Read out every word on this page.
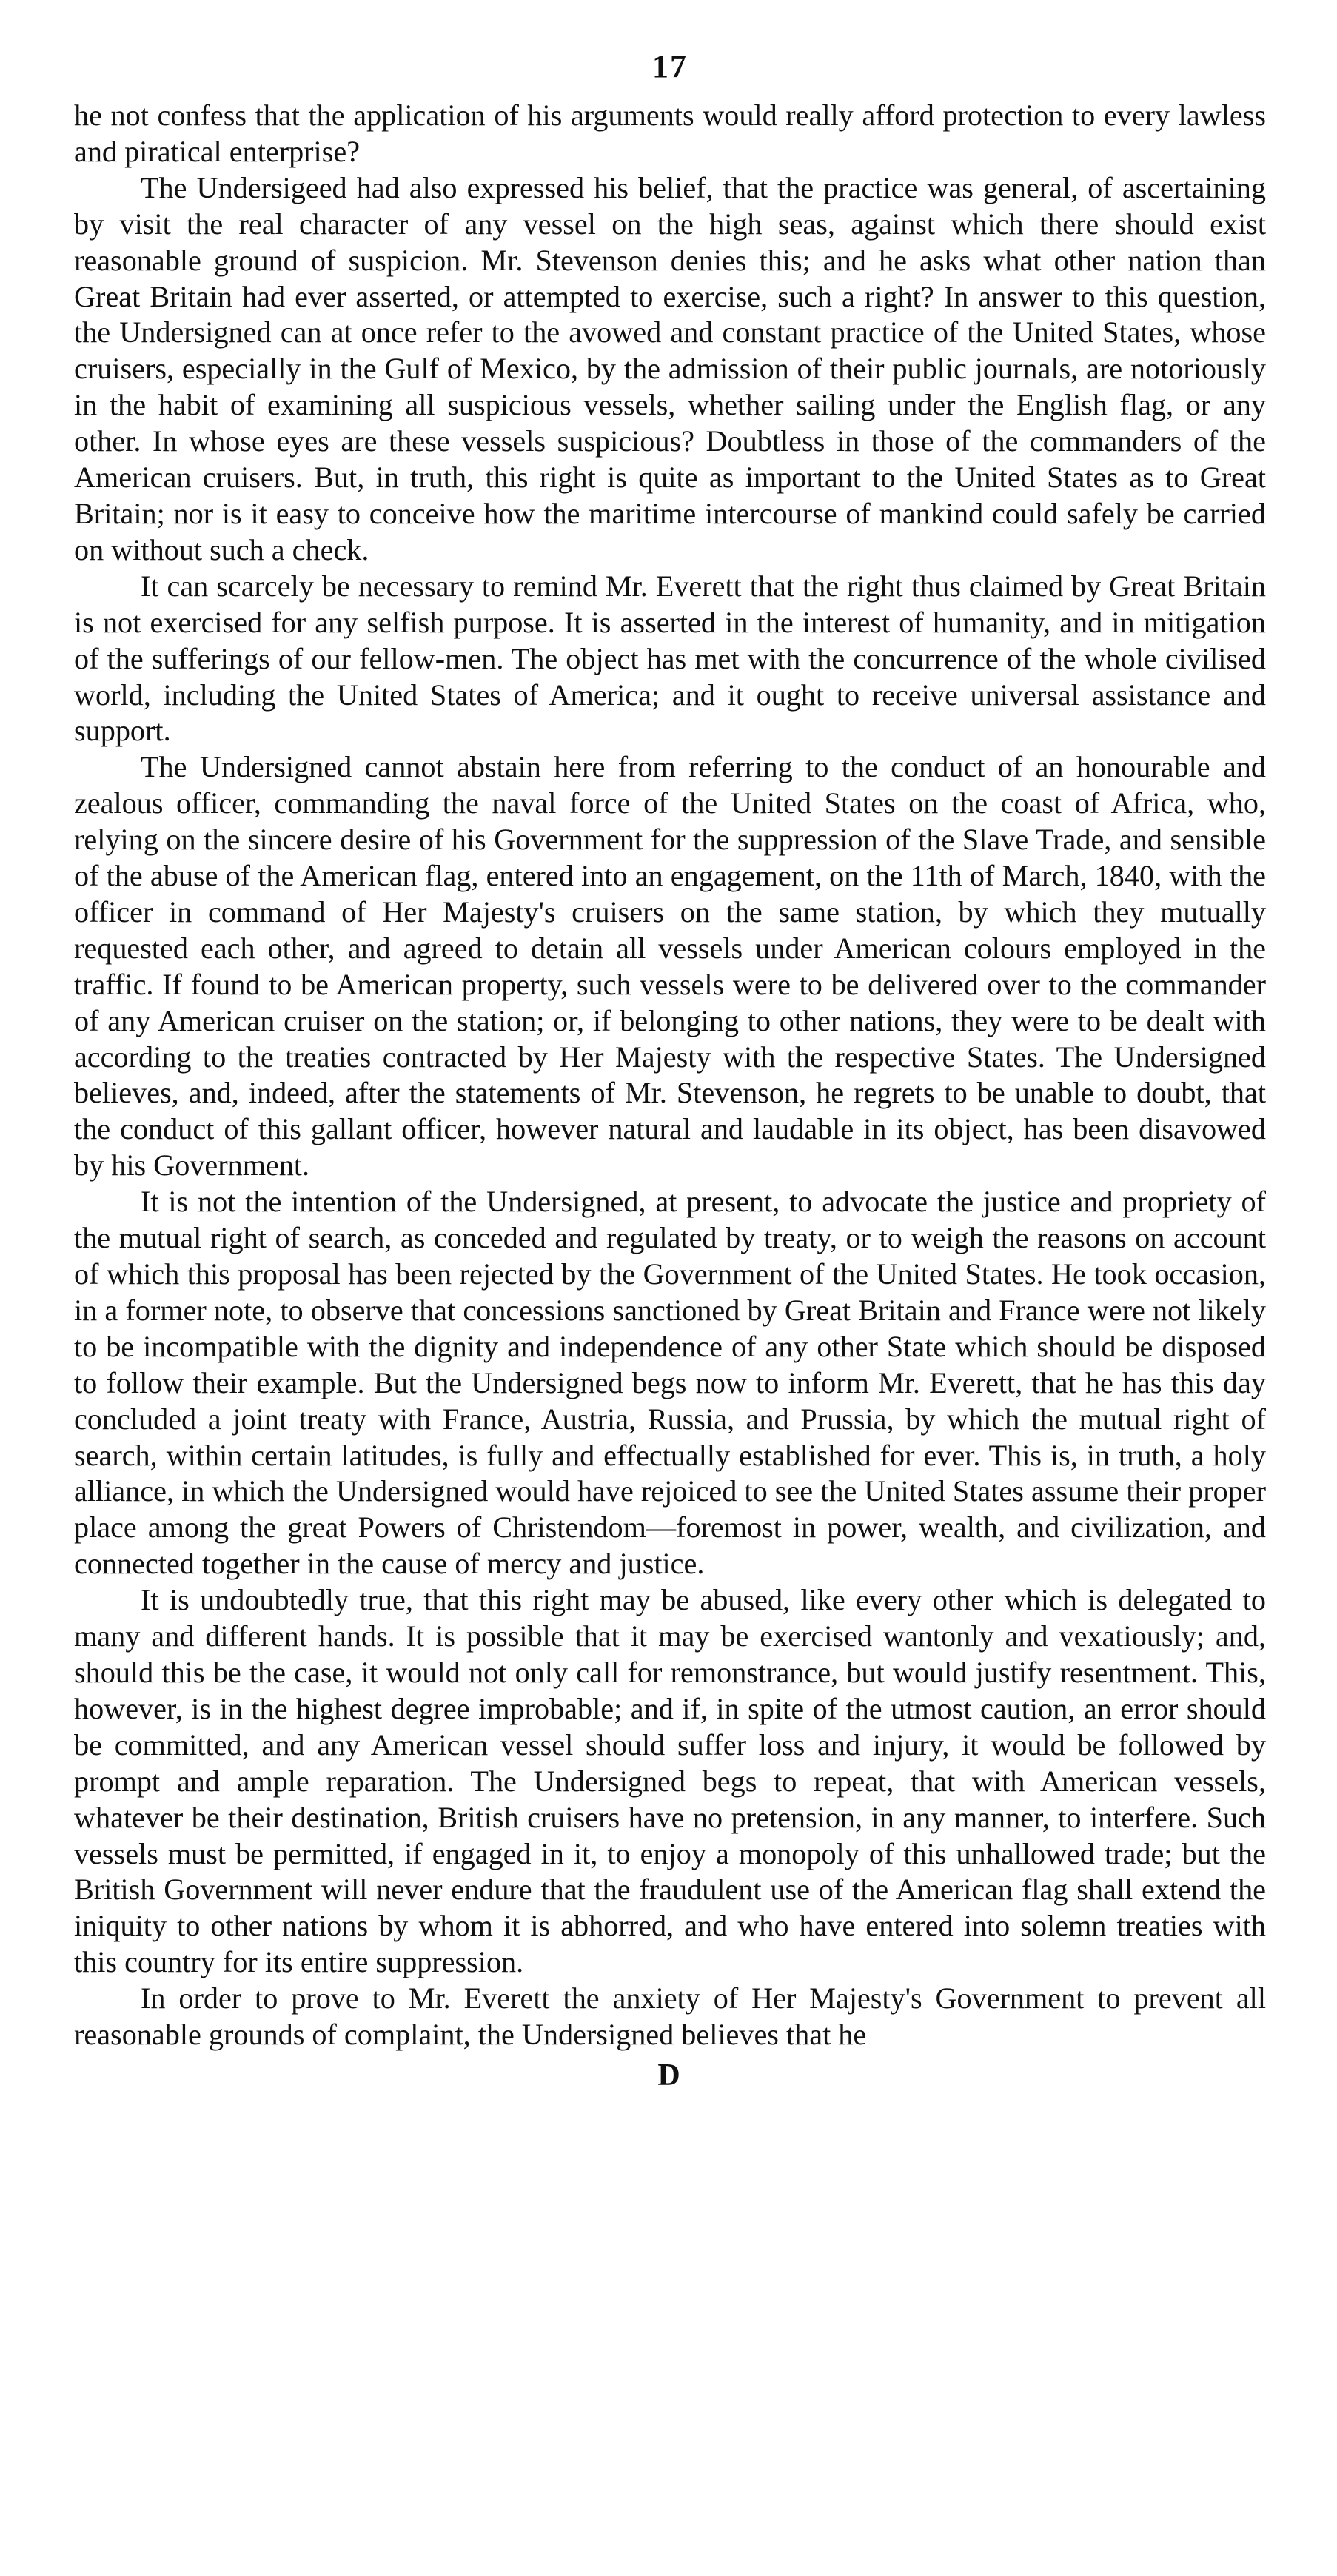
17

he not confess that the application of his arguments would really afford protection to every lawless and piratical enterprise?

The Undersigeed had also expressed his belief, that the practice was general, of ascertaining by visit the real character of any vessel on the high seas, against which there should exist reasonable ground of suspicion. Mr. Stevenson denies this; and he asks what other nation than Great Britain had ever asserted, or attempted to exercise, such a right? In answer to this question, the Undersigned can at once refer to the avowed and constant practice of the United States, whose cruisers, especially in the Gulf of Mexico, by the admission of their public journals, are notoriously in the habit of examining all suspicious vessels, whether sailing under the English flag, or any other. In whose eyes are these vessels suspicious? Doubtless in those of the commanders of the American cruisers. But, in truth, this right is quite as important to the United States as to Great Britain; nor is it easy to conceive how the maritime intercourse of mankind could safely be carried on without such a check.

It can scarcely be necessary to remind Mr. Everett that the right thus claimed by Great Britain is not exercised for any selfish purpose. It is asserted in the interest of humanity, and in mitigation of the sufferings of our fellow-men. The object has met with the concurrence of the whole civilised world, including the United States of America; and it ought to receive universal assistance and support.

The Undersigned cannot abstain here from referring to the conduct of an honourable and zealous officer, commanding the naval force of the United States on the coast of Africa, who, relying on the sincere desire of his Government for the suppression of the Slave Trade, and sensible of the abuse of the American flag, entered into an engagement, on the 11th of March, 1840, with the officer in command of Her Majesty's cruisers on the same station, by which they mutually requested each other, and agreed to detain all vessels under American colours employed in the traffic. If found to be American property, such vessels were to be delivered over to the commander of any American cruiser on the station; or, if belonging to other nations, they were to be dealt with according to the treaties contracted by Her Majesty with the respective States. The Undersigned believes, and, indeed, after the statements of Mr. Stevenson, he regrets to be unable to doubt, that the conduct of this gallant officer, however natural and laudable in its object, has been disavowed by his Government.

It is not the intention of the Undersigned, at present, to advocate the justice and propriety of the mutual right of search, as conceded and regulated by treaty, or to weigh the reasons on account of which this proposal has been rejected by the Government of the United States. He took occasion, in a former note, to observe that concessions sanctioned by Great Britain and France were not likely to be incompatible with the dignity and independence of any other State which should be disposed to follow their example. But the Undersigned begs now to inform Mr. Everett, that he has this day concluded a joint treaty with France, Austria, Russia, and Prussia, by which the mutual right of search, within certain latitudes, is fully and effectually established for ever. This is, in truth, a holy alliance, in which the Undersigned would have rejoiced to see the United States assume their proper place among the great Powers of Christendom—foremost in power, wealth, and civilization, and connected together in the cause of mercy and justice.

It is undoubtedly true, that this right may be abused, like every other which is delegated to many and different hands. It is possible that it may be exercised wantonly and vexatiously; and, should this be the case, it would not only call for remonstrance, but would justify resentment. This, however, is in the highest degree improbable; and if, in spite of the utmost caution, an error should be committed, and any American vessel should suffer loss and injury, it would be followed by prompt and ample reparation. The Undersigned begs to repeat, that with American vessels, whatever be their destination, British cruisers have no pretension, in any manner, to interfere. Such vessels must be permitted, if engaged in it, to enjoy a monopoly of this unhallowed trade; but the British Government will never endure that the fraudulent use of the American flag shall extend the iniquity to other nations by whom it is abhorred, and who have entered into solemn treaties with this country for its entire suppression.

In order to prove to Mr. Everett the anxiety of Her Majesty's Government to prevent all reasonable grounds of complaint, the Undersigned believes that he

D
